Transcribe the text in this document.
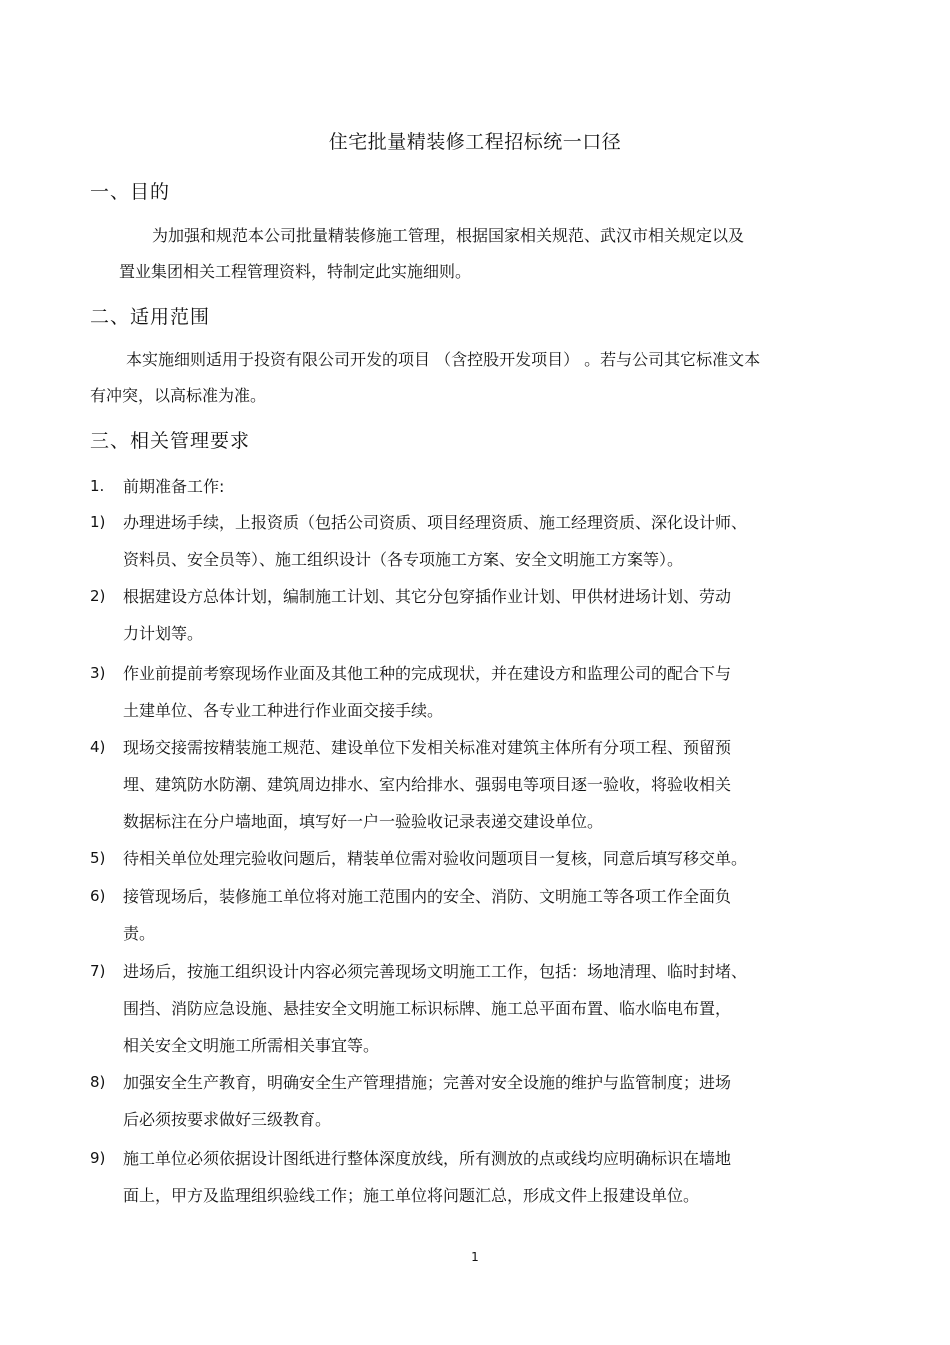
住宅批量精装修工程招标统一口径
一、目的
为加强和规范本公司批量精装修施工管理，根据国家相关规范、武汉市相关规定以及
置业集团相关工程管理资料，特制定此实施细则。
二、适用范围
本实施细则适用于投资有限公司开发的项目 （含控股开发项目） 。若与公司其它标准文本
有冲突，以高标准为准。
三、相关管理要求
1.	前期准备工作:
1)	办理进场手续，上报资质（包括公司资质、项目经理资质、施工经理资质、深化设计师、
资料员、安全员等）、施工组织设计（各专项施工方案、安全文明施工方案等）。
2)	根据建设方总体计划，编制施工计划、其它分包穿插作业计划、甲供材进场计划、劳动
力计划等。
3)	作业前提前考察现场作业面及其他工种的完成现状，并在建设方和监理公司的配合下与
土建单位、各专业工种进行作业面交接手续。
4)	现场交接需按精装施工规范、建设单位下发相关标准对建筑主体所有分项工程、预留预
埋、建筑防水防潮、建筑周边排水、室内给排水、强弱电等项目逐一验收，将验收相关
数据标注在分户墙地面，填写好一户一验验收记录表递交建设单位。
5)	待相关单位处理完验收问题后，精装单位需对验收问题项目一复核，同意后填写移交单。
6)	接管现场后，装修施工单位将对施工范围内的安全、消防、文明施工等各项工作全面负
责。
7)	进场后，按施工组织设计内容必须完善现场文明施工工作，包括：场地清理、临时封堵、
围挡、消防应急设施、悬挂安全文明施工标识标牌、施工总平面布置、临水临电布置，
相关安全文明施工所需相关事宜等。
8)	加强安全生产教育，明确安全生产管理措施；完善对安全设施的维护与监管制度；进场
后必须按要求做好三级教育。
9)	施工单位必须依据设计图纸进行整体深度放线，所有测放的点或线均应明确标识在墙地
面上，甲方及监理组织验线工作；施工单位将问题汇总，形成文件上报建设单位。
1
